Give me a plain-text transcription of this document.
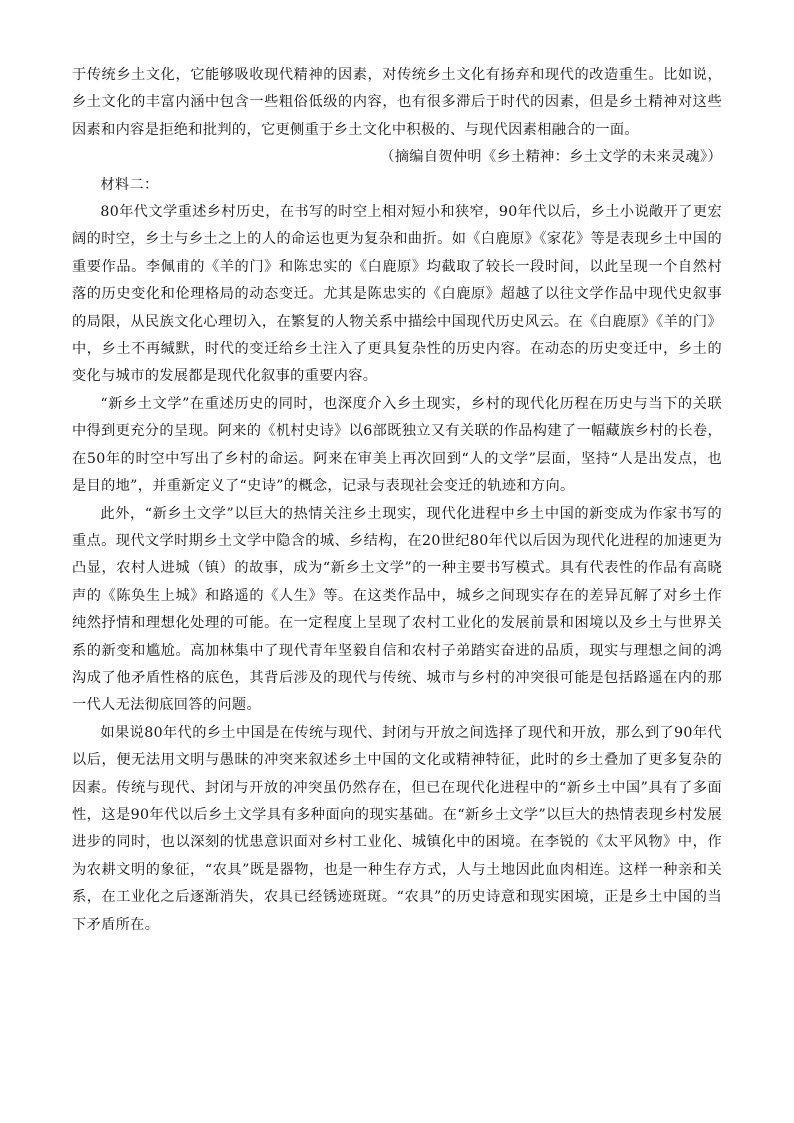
于传统乡土文化，它能够吸收现代精神的因素，对传统乡土文化有扬弃和现代的改造重生。比如说，乡土文化的丰富内涵中包含一些粗俗低级的内容，也有很多滞后于时代的因素，但是乡土精神对这些因素和内容是拒绝和批判的，它更侧重于乡土文化中积极的、与现代因素相融合的一面。

（摘编自贺仲明《乡土精神：乡土文学的未来灵魂》）

材料二：

80年代文学重述乡村历史，在书写的时空上相对短小和狭窄，90年代以后，乡土小说敞开了更宏阔的时空，乡土与乡土之上的人的命运也更为复杂和曲折。如《白鹿原》《家花》等是表现乡土中国的重要作品。李佩甫的《羊的门》和陈忠实的《白鹿原》均截取了较长一段时间，以此呈现一个自然村落的历史变化和伦理格局的动态变迁。尤其是陈忠实的《白鹿原》超越了以往文学作品中现代史叙事的局限，从民族文化心理切入，在繁复的人物关系中描绘中国现代历史风云。在《白鹿原》《羊的门》中，乡土不再缄默，时代的变迁给乡土注入了更具复杂性的历史内容。在动态的历史变迁中，乡土的变化与城市的发展都是现代化叙事的重要内容。

“新乡土文学”在重述历史的同时，也深度介入乡土现实，乡村的现代化历程在历史与当下的关联中得到更充分的呈现。阿来的《机村史诗》以6部既独立又有关联的作品构建了一幅藏族乡村的长卷，在50年的时空中写出了乡村的命运。阿来在审美上再次回到“人的文学”层面，坚持“人是出发点，也是目的地”，并重新定义了“史诗”的概念，记录与表现社会变迁的轨迹和方向。

此外，“新乡土文学”以巨大的热情关注乡土现实，现代化进程中乡土中国的新变成为作家书写的重点。现代文学时期乡土文学中隐含的城、乡结构，在20世纪80年代以后因为现代化进程的加速更为凸显，农村人进城（镇）的故事，成为“新乡土文学”的一种主要书写模式。具有代表性的作品有高晓声的《陈奂生上城》和路遥的《人生》等。在这类作品中，城乡之间现实存在的差异瓦解了对乡土作纯然抒情和理想化处理的可能。在一定程度上呈现了农村工业化的发展前景和困境以及乡土与世界关系的新变和尴尬。高加林集中了现代青年坚毅自信和农村子弟踏实奋进的品质，现实与理想之间的鸿沟成了他矛盾性格的底色，其背后涉及的现代与传统、城市与乡村的冲突很可能是包括路遥在内的那一代人无法彻底回答的问题。

如果说80年代的乡土中国是在传统与现代、封闭与开放之间选择了现代和开放，那么到了90年代以后，便无法用文明与愚昧的冲突来叙述乡土中国的文化或精神特征，此时的乡土叠加了更多复杂的因素。传统与现代、封闭与开放的冲突虽仍然存在，但已在现代化进程中的“新乡土中国”具有了多面性，这是90年代以后乡土文学具有多种面向的现实基础。在“新乡土文学”以巨大的热情表现乡村发展进步的同时，也以深刻的忧患意识面对乡村工业化、城镇化中的困境。在李锐的《太平风物》中，作为农耕文明的象征，“农具”既是器物，也是一种生存方式，人与土地因此血肉相连。这样一种亲和关系，在工业化之后逐渐消失，农具已经锈迹斑斑。“农具”的历史诗意和现实困境，正是乡土中国的当下矛盾所在。
